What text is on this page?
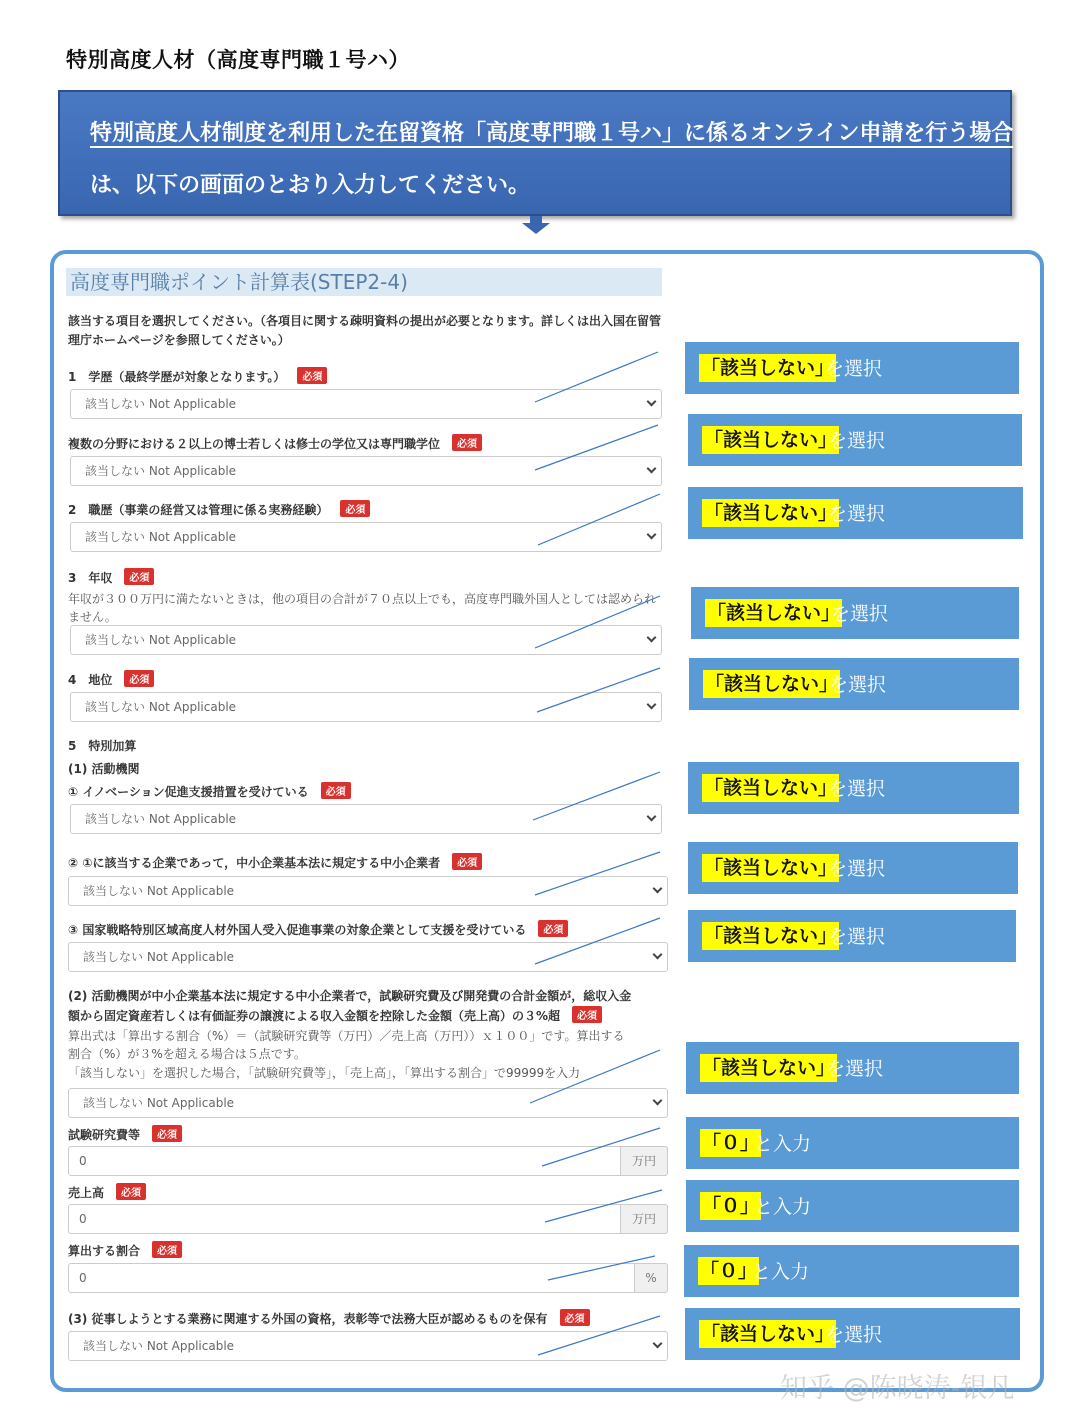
特別高度人材（高度専門職１号ハ）
特別高度人材制度を利用した在留資格「高度専門職１号ハ」に係るオンライン申請を行う場合
は、以下の画面のとおり入力してください。
高度専門職ポイント計算表(STEP2-4)
該当する項目を選択してください。（各項目に関する疎明資料の提出が必要となります。詳しくは出入国在留管理庁ホームページを参照してください。）
1　学歴（最終学歴が対象となります。） 必須
該当しない Not Applicable
複数の分野における２以上の博士若しくは修士の学位又は専門職学位 必須
該当しない Not Applicable
2　職歴（事業の経営又は管理に係る実務経験） 必須
該当しない Not Applicable
3　年収 必須
年収が３００万円に満たないときは，他の項目の合計が７０点以上でも，高度専門職外国人としては認められません。
該当しない Not Applicable
4　地位 必須
該当しない Not Applicable
5　特別加算
(1) 活動機関
① イノベーション促進支援措置を受けている 必須
該当しない Not Applicable
② ①に該当する企業であって，中小企業基本法に規定する中小企業者 必須
該当しない Not Applicable
③ 国家戦略特別区域高度人材外国人受入促進事業の対象企業として支援を受けている 必須
該当しない Not Applicable
(2) 活動機関が中小企業基本法に規定する中小企業者で，試験研究費及び開発費の合計金額が，総収入金
額から固定資産若しくは有価証券の譲渡による収入金額を控除した金額（売上高）の３%超 必須
算出式は「算出する割合（%）＝（試験研究費等（万円）／売上高（万円））ｘ１００」です。算出する
割合（%）が３%を超える場合は５点です。
「該当しない」を選択した場合，「試験研究費等」，「売上高」，「算出する割合」で99999を入力
該当しない Not Applicable
試験研究費等 必須
0	万円
売上高 必須
0	万円
算出する割合 必須
0	%
(3) 従事しようとする業務に関連する外国の資格，表彰等で法務大臣が認めるものを保有 必須
該当しない Not Applicable
「該当しない」
を選択
「該当しない」
を選択
「該当しない」
を選択
「該当しない」
を選択
「該当しない」
を選択
「該当しない」
を選択
「該当しない」
を選択
「該当しない」
を選択
「該当しない」
を選択
「０」
と入力
「０」
と入力
「０」
と入力
「該当しない」
を選択
知乎 @陈晓涛-银凡
